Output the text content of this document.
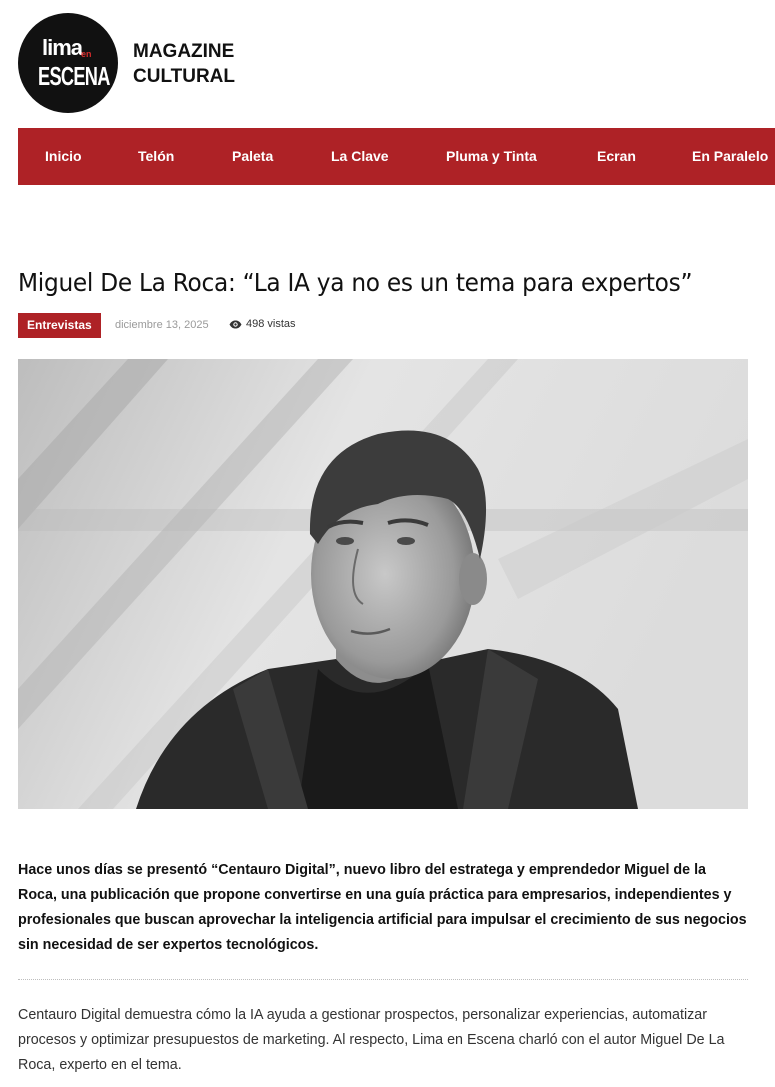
lima
en
ESCENA
MAGAZINE
CULTURAL
Inicio	Telón	Paleta	La Clave	Pluma y Tinta	Ecran	En Paralelo
Miguel De La Roca: “La IA ya no es un tema para expertos”
Entrevistas	diciembre 13, 2025	498 vistas

Hace unos días se presentó “Centauro Digital”, nuevo libro del estratega y emprendedor Miguel de la Roca, una publicación que propone convertirse en una guía práctica para empresarios, independientes y profesionales que buscan aprovechar la inteligencia artificial para impulsar el crecimiento de sus negocios sin necesidad de ser expertos tecnológicos.

Centauro Digital demuestra cómo la IA ayuda a gestionar prospectos, personalizar experiencias, automatizar procesos y optimizar presupuestos de marketing. Al respecto, Lima en Escena charló con el autor Miguel De La Roca, experto en el tema.
